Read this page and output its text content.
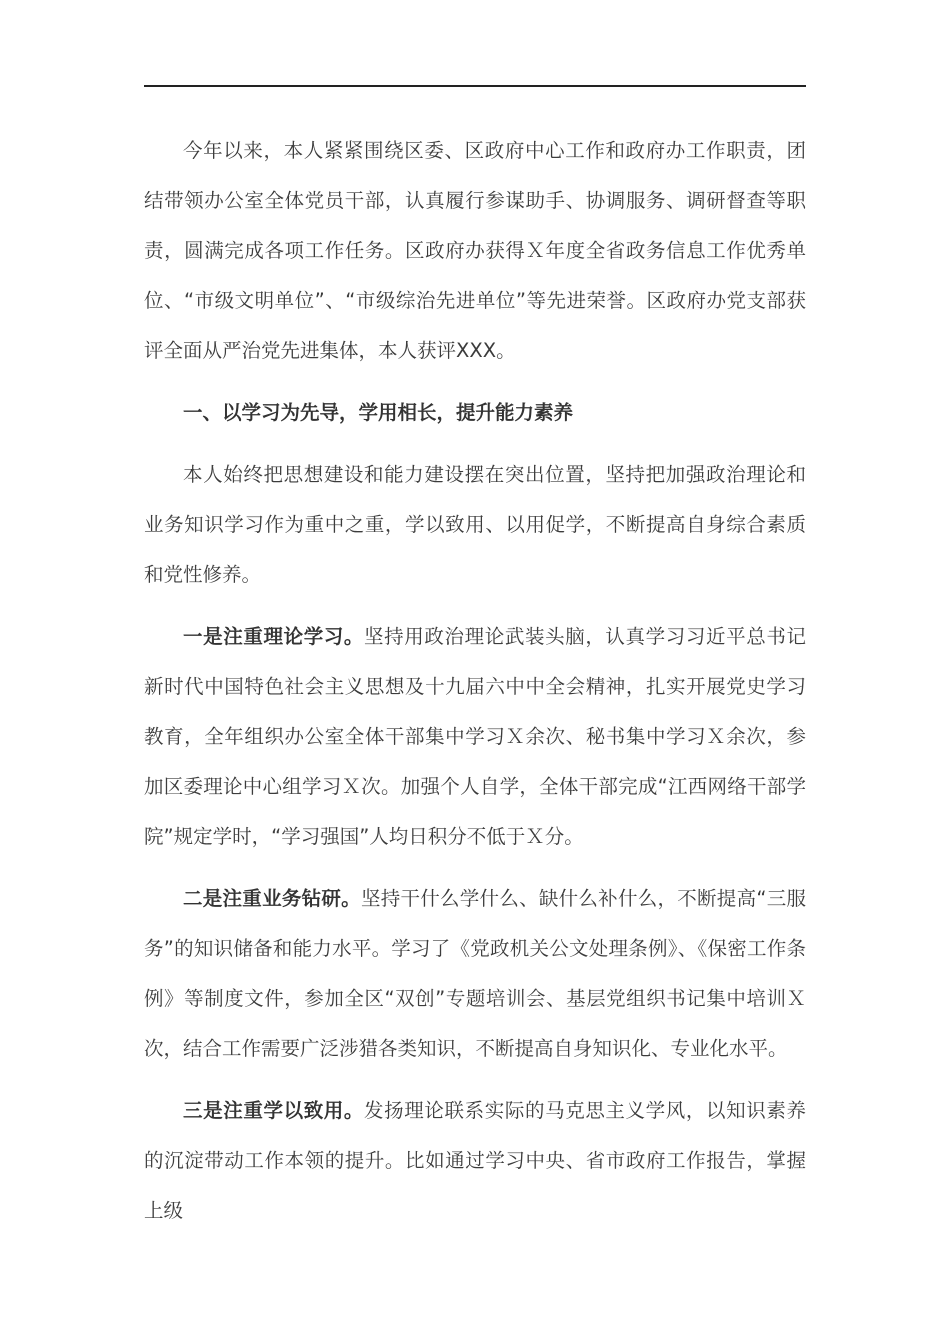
今年以来，本人紧紧围绕区委、区政府中心工作和政府办工作职责，团结带领办公室全体党员干部，认真履行参谋助手、协调服务、调研督查等职责，圆满完成各项工作任务。区政府办获得Ｘ年度全省政务信息工作优秀单位、“市级文明单位”、“市级综治先进单位”等先进荣誉。区政府办党支部获评全面从严治党先进集体，本人获评XXX。

一、以学习为先导，学用相长，提升能力素养

本人始终把思想建设和能力建设摆在突出位置，坚持把加强政治理论和业务知识学习作为重中之重，学以致用、以用促学，不断提高自身综合素质和党性修养。

一是注重理论学习。坚持用政治理论武装头脑，认真学习习近平总书记新时代中国特色社会主义思想及十九届六中中全会精神，扎实开展党史学习教育，全年组织办公室全体干部集中学习Ｘ余次、秘书集中学习Ｘ余次，参加区委理论中心组学习Ｘ次。加强个人自学，全体干部完成“江西网络干部学院”规定学时，“学习强国”人均日积分不低于Ｘ分。

二是注重业务钻研。坚持干什么学什么、缺什么补什么，不断提高“三服务”的知识储备和能力水平。学习了《党政机关公文处理条例》、《保密工作条例》等制度文件，参加全区“双创”专题培训会、基层党组织书记集中培训Ｘ次，结合工作需要广泛涉猎各类知识，不断提高自身知识化、专业化水平。

三是注重学以致用。发扬理论联系实际的马克思主义学风，以知识素养的沉淀带动工作本领的提升。比如通过学习中央、省市政府工作报告，掌握上级
